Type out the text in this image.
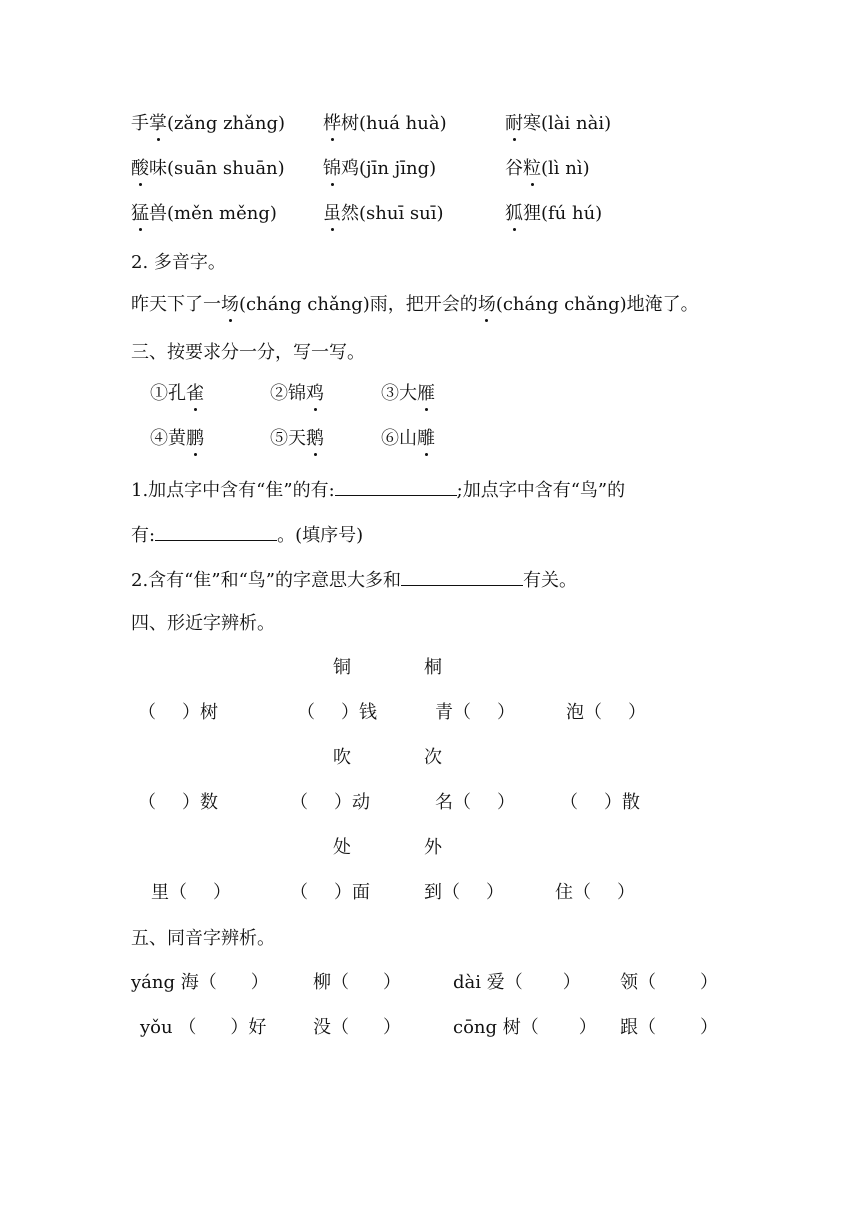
手掌(zǎng zhǎng) 桦树(huá huà)	耐寒(lài nài)
酸味(suān shuān) 锦鸡(jīn jīng)	谷粒(lì nì)
猛兽(měn měng)	虽然(shuī suī)	狐狸(fú hú)
2. 多音字。
昨天下了一场(cháng chǎng)雨，把开会的场(cháng chǎng)地淹了。
三、按要求分一分，写一写。
①孔雀	②锦鸡	③大雁
④黄鹏	⑤天鹅	⑥山雕
1.加点字中含有“隹”的有:	;加点字中含有“鸟”的
有:	。(填序号)
2.含有“隹”和“鸟”的字意思大多和	有关。
四、形近字辨析。
铜	桐
（ ）树	（ ）钱	青（ ）	泡（ ）
吹	次
（ ）数	（ ）动	名（ ）	（ ）散
处	外
里（ ）	（ ）面	到（ ）	住（ ）
五、同音字辨析。
yáng 海（ ） 柳（ ）	dài 爱（ ） 领（ ）
yǒu （ ）好	没（ ）	cōng 树（ ） 跟（ ）
